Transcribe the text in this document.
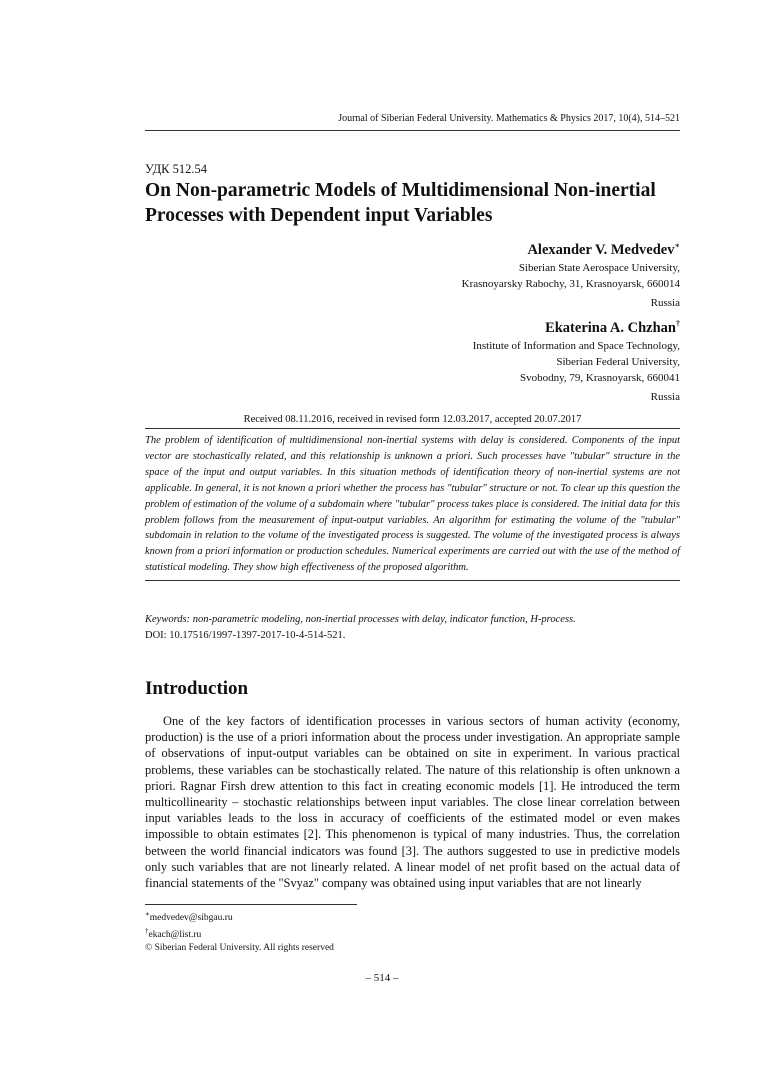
Journal of Siberian Federal University. Mathematics & Physics 2017, 10(4), 514–521
УДК 512.54
On Non-parametric Models of Multidimensional Non-inertial Processes with Dependent input Variables
Alexander V. Medvedev∗
Siberian State Aerospace University,
Krasnoyarsky Rabochy, 31, Krasnoyarsk, 660014
Russia
Ekaterina A. Chzhan†
Institute of Information and Space Technology,
Siberian Federal University,
Svobodny, 79, Krasnoyarsk, 660041
Russia
Received 08.11.2016, received in revised form 12.03.2017, accepted 20.07.2017

The problem of identification of multidimensional non-inertial systems with delay is considered. Components of the input vector are stochastically related, and this relationship is unknown a priori. Such processes have "tubular" structure in the space of the input and output variables. In this situation methods of identification theory of non-inertial systems are not applicable. In general, it is not known a priori whether the process has "tubular" structure or not. To clear up this question the problem of estimation of the volume of a subdomain where "tubular" process takes place is considered. The initial data for this problem follows from the measurement of input-output variables. An algorithm for estimating the volume of the "tubular" subdomain in relation to the volume of the investigated process is suggested. The volume of the investigated process is always known from a priori information or production schedules. Numerical experiments are carried out with the use of the method of statistical modeling. They show high effectiveness of the proposed algorithm.

Keywords: non-parametric modeling, non-inertial processes with delay, indicator function, H-process.
DOI: 10.17516/1997-1397-2017-10-4-514-521.
Introduction

One of the key factors of identification processes in various sectors of human activity (economy, production) is the use of a priori information about the process under investigation. An appropriate sample of observations of input-output variables can be obtained on site in experiment. In various practical problems, these variables can be stochastically related. The nature of this relationship is often unknown a priori. Ragnar Firsh drew attention to this fact in creating economic models [1]. He introduced the term multicollinearity – stochastic relationships between input variables. The close linear correlation between input variables leads to the loss in accuracy of coefficients of the estimated model or even makes impossible to obtain estimates [2]. This phenomenon is typical of many industries. Thus, the correlation between the world financial indicators was found [3]. The authors suggested to use in predictive models only such variables that are not linearly related. A linear model of net profit based on the actual data of financial statements of the "Svyaz" company was obtained using input variables that are not linearly

∗medvedev@sibgau.ru
†ekach@list.ru
© Siberian Federal University. All rights reserved
– 514 –
